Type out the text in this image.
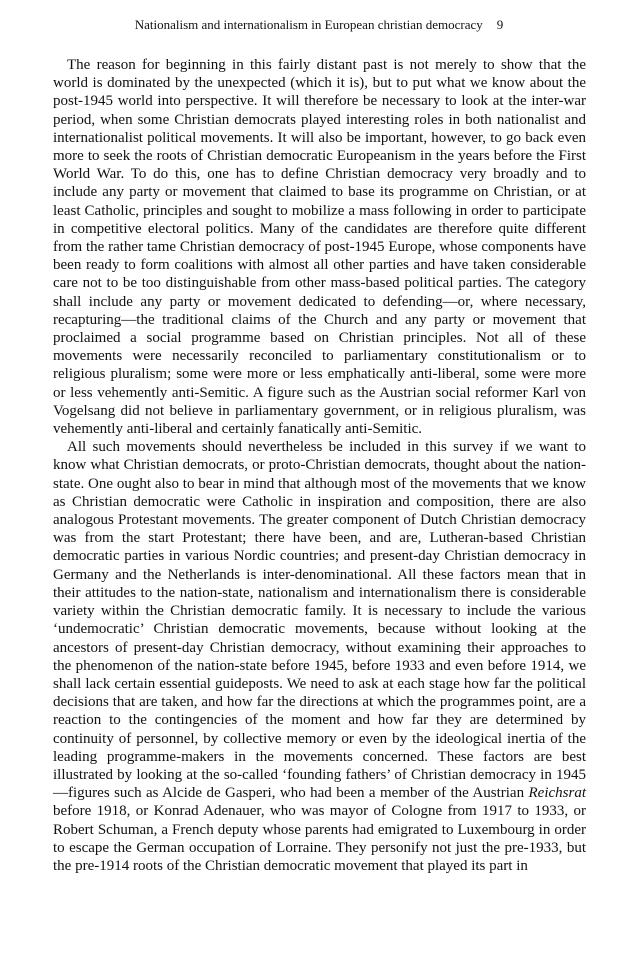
Nationalism and internationalism in European christian democracy 9

The reason for beginning in this fairly distant past is not merely to show that the world is dominated by the unexpected (which it is), but to put what we know about the post-1945 world into perspective. It will therefore be necessary to look at the inter-war period, when some Christian democrats played interesting roles in both nationalist and internationalist political movements. It will also be important, however, to go back even more to seek the roots of Christian democratic Europeanism in the years before the First World War. To do this, one has to define Christian democracy very broadly and to include any party or movement that claimed to base its programme on Christian, or at least Catholic, principles and sought to mobilize a mass following in order to participate in competitive electoral politics. Many of the candidates are therefore quite different from the rather tame Christian democracy of post-1945 Europe, whose components have been ready to form coalitions with almost all other parties and have taken considerable care not to be too distinguishable from other mass-based political parties. The category shall include any party or movement dedicated to defending—or, where necessary, recapturing—the traditional claims of the Church and any party or movement that proclaimed a social programme based on Christian principles. Not all of these movements were necessarily reconciled to parliamentary constitutionalism or to religious pluralism; some were more or less emphatically anti-liberal, some were more or less vehemently anti-Semitic. A figure such as the Austrian social reformer Karl von Vogelsang did not believe in parliamentary government, or in religious pluralism, was vehemently anti-liberal and certainly fanatically anti-Semitic.

All such movements should nevertheless be included in this survey if we want to know what Christian democrats, or proto-Christian democrats, thought about the nation-state. One ought also to bear in mind that although most of the movements that we know as Christian democratic were Catholic in inspiration and composition, there are also analogous Protestant movements. The greater component of Dutch Christian democracy was from the start Protestant; there have been, and are, Lutheran-based Christian democratic parties in various Nordic countries; and present-day Christian democracy in Germany and the Netherlands is inter-denominational. All these factors mean that in their attitudes to the nation-state, nationalism and internationalism there is considerable variety within the Christian democratic family. It is necessary to include the various ‘undemocratic’ Christian democratic movements, because without looking at the ancestors of present-day Christian democracy, without examining their approaches to the phenomenon of the nation-state before 1945, before 1933 and even before 1914, we shall lack certain essential guideposts. We need to ask at each stage how far the political decisions that are taken, and how far the directions at which the programmes point, are a reaction to the contingencies of the moment and how far they are determined by continuity of personnel, by collective memory or even by the ideological inertia of the leading programme-makers in the movements concerned. These factors are best illustrated by looking at the so-called ‘founding fathers’ of Christian democracy in 1945—figures such as Alcide de Gasperi, who had been a member of the Austrian Reichsrat before 1918, or Konrad Adenauer, who was mayor of Cologne from 1917 to 1933, or Robert Schuman, a French deputy whose parents had emigrated to Luxembourg in order to escape the German occupation of Lorraine. They personify not just the pre-1933, but the pre-1914 roots of the Christian democratic movement that played its part in
